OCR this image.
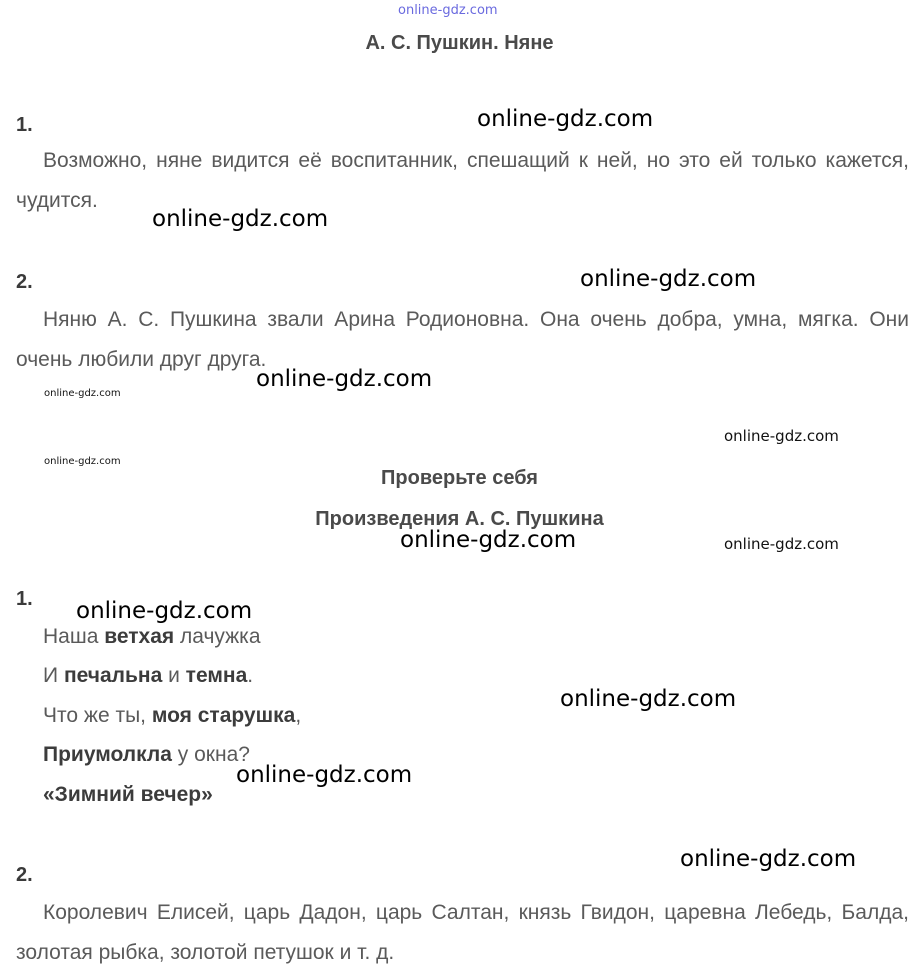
online-gdz.com
А. С. Пушкин. Няне
1.
Возможно, няне видится её воспитанник, спешащий к ней, но это ей только кажется, чудится.
2.
Няню А. С. Пушкина звали Арина Родионовна. Она очень добра, умна, мягка. Они очень любили друг друга.
Проверьте себя
Произведения А. С. Пушкина
1.
Наша ветхая лачужка
И печальна и темна.
Что же ты, моя старушка,
Приумолкла у окна?
«Зимний вечер»
2.
Королевич Елисей, царь Дадон, царь Салтан, князь Гвидон, царевна Лебедь, Балда, золотая рыбка, золотой петушок и т. д.
online-gdz.com
online-gdz.com
online-gdz.com
online-gdz.com
online-gdz.com
online-gdz.com
online-gdz.com
online-gdz.com	online-gdz.com
online-gdz.com
online-gdz.com
online-gdz.com
online-gdz.com
